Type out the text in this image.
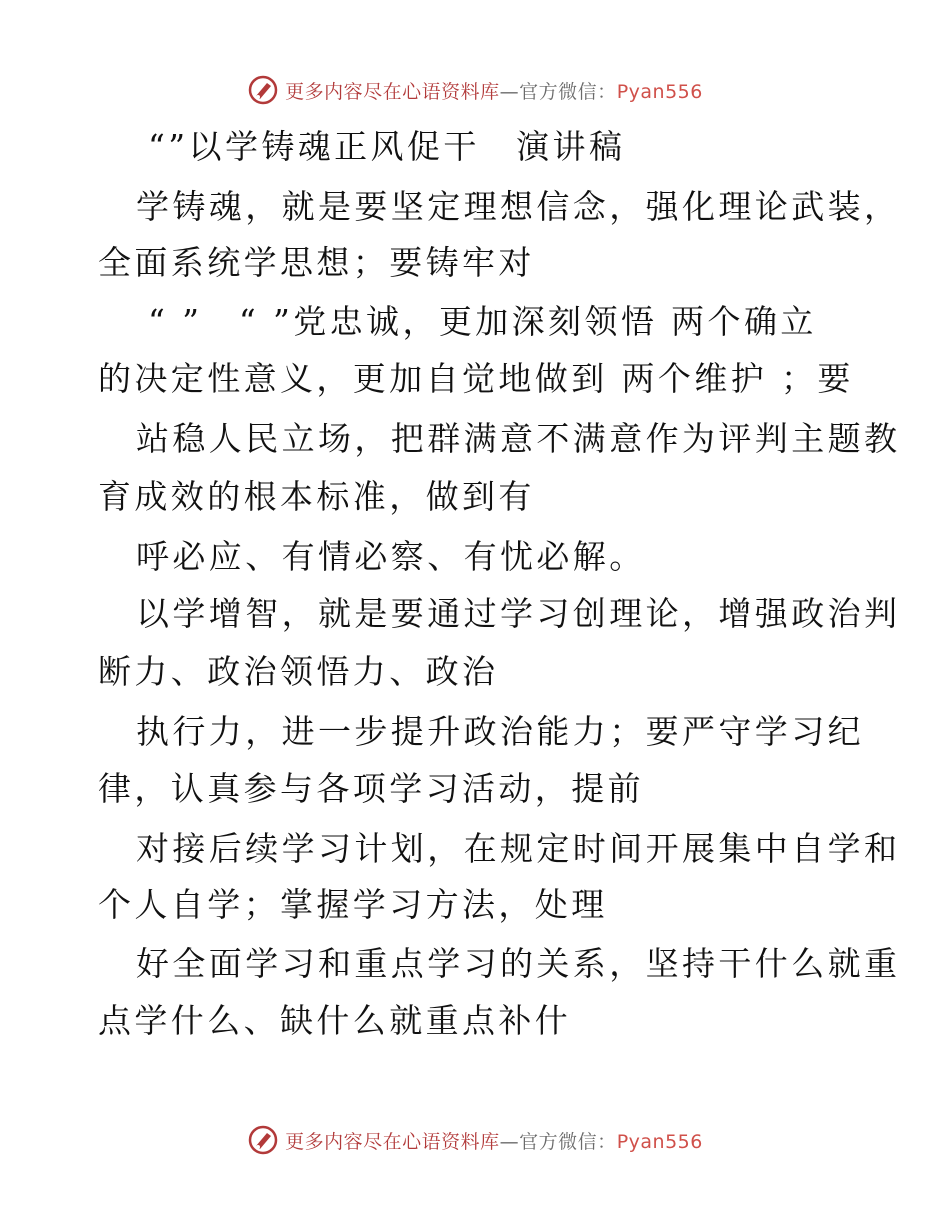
更多内容尽在心语资料库—官方微信：Pyan556
“”以学铸魂正风促干　演讲稿
学铸魂，就是要坚定理想信念，强化理论武装，
全面系统学思想；要铸牢对
“ ”　“ ”党忠诚，更加深刻领悟 两个确立
的决定性意义，更加自觉地做到 两个维护 ；要
站稳人民立场，把群满意不满意作为评判主题教
育成效的根本标准，做到有
呼必应、有情必察、有忧必解。
以学增智，就是要通过学习创理论，增强政治判
断力、政治领悟力、政治
执行力，进一步提升政治能力；要严守学习纪
律，认真参与各项学习活动，提前
对接后续学习计划，在规定时间开展集中自学和
个人自学；掌握学习方法，处理
好全面学习和重点学习的关系，坚持干什么就重
点学什么、缺什么就重点补什
更多内容尽在心语资料库—官方微信：Pyan556
